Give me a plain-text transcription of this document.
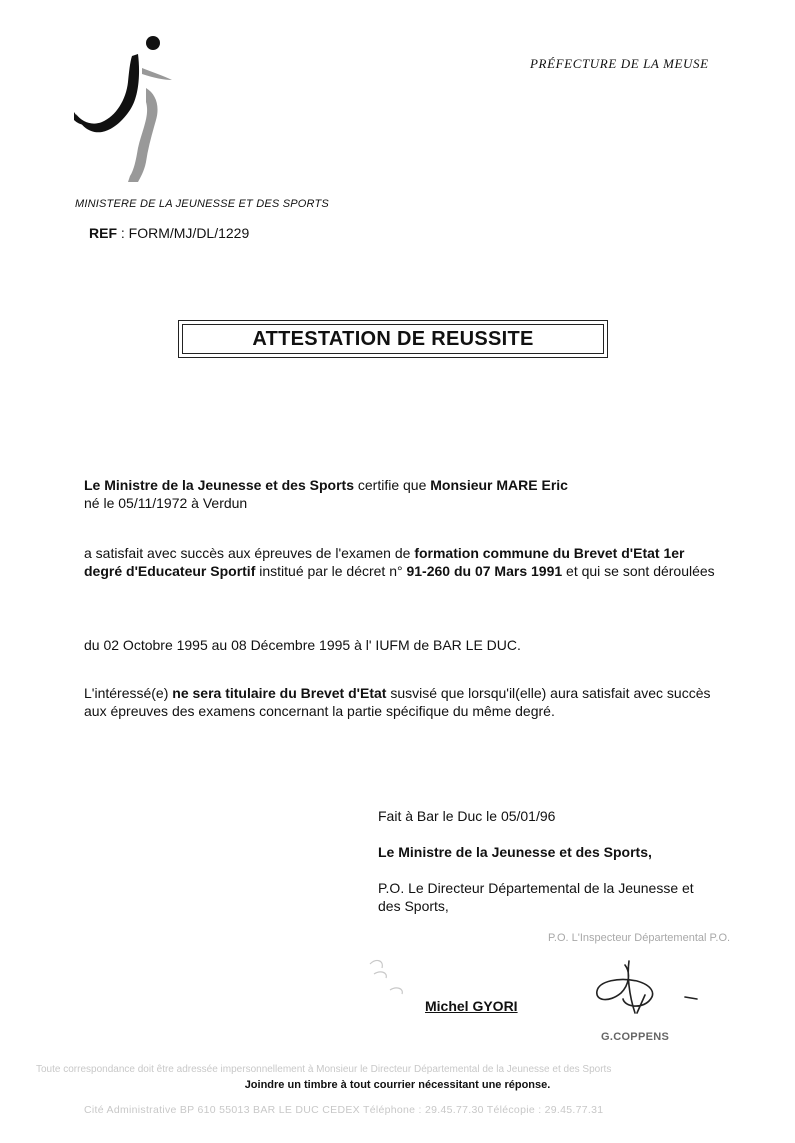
MINISTERE DE LA JEUNESSE ET DES SPORTS
PRÉFECTURE DE LA MEUSE
REF : FORM/MJ/DL/1229
ATTESTATION DE REUSSITE
Le Ministre de la Jeunesse et des Sports certifie que Monsieur MARE Eric
né le 05/11/1972 à Verdun
a satisfait avec succès aux épreuves de l'examen de formation commune du Brevet d'Etat 1er degré d'Educateur Sportif institué par le décret n° 91-260 du 07 Mars 1991 et qui se sont déroulées
du 02 Octobre 1995 au 08 Décembre 1995 à l' IUFM de BAR LE DUC.
L'intéressé(e) ne sera titulaire du Brevet d'Etat susvisé que lorsqu'il(elle) aura satisfait avec succès aux épreuves des examens concernant la partie spécifique du même degré.
Fait à Bar le Duc le 05/01/96
Le Ministre de la Jeunesse et des Sports,
P.O. Le Directeur Départemental de la Jeunesse et des Sports,
Michel GYORI
P.O. L'Inspecteur Départemental P.O.
G.COPPENS
Toute correspondance doit être adressée impersonnellement à Monsieur le Directeur Départemental de la Jeunesse et des Sports
Joindre un timbre à tout courrier nécessitant une réponse.
Cité Administrative BP 610 55013 BAR LE DUC CEDEX Téléphone : 29.45.77.30 Télécopie : 29.45.77.31
